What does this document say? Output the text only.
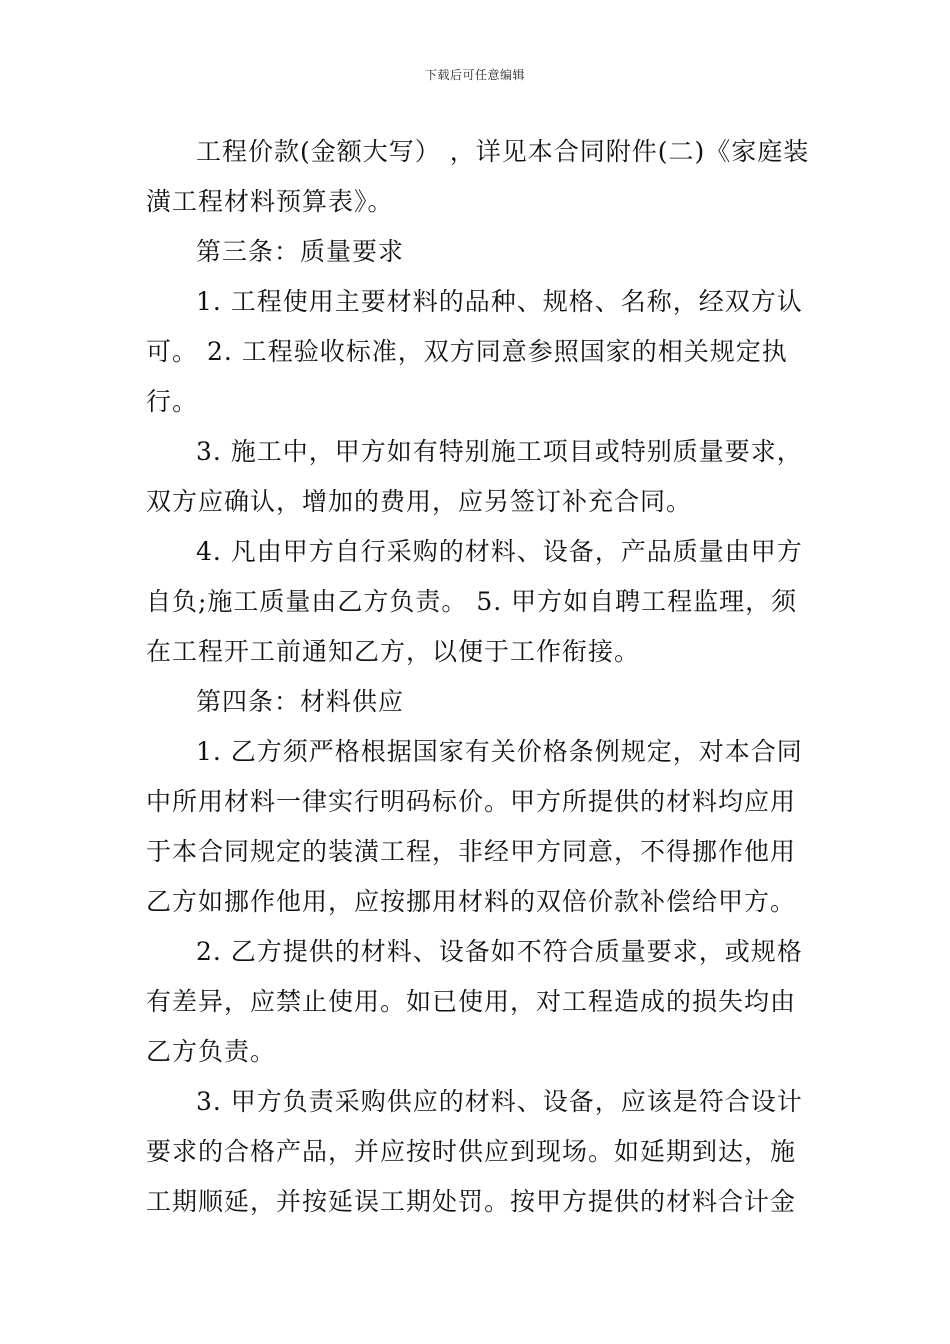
下载后可任意编辑
工程价款(金额大写） ，详见本合同附件(二)《家庭装
潢工程材料预算表》。
第三条：质量要求
1. 工程使用主要材料的品种、规格、名称，经双方认
可。 2. 工程验收标准，双方同意参照国家的相关规定执
行。
3. 施工中，甲方如有特别施工项目或特别质量要求，
双方应确认，增加的费用，应另签订补充合同。
4. 凡由甲方自行采购的材料、设备，产品质量由甲方
自负;施工质量由乙方负责。 5. 甲方如自聘工程监理，须
在工程开工前通知乙方，以便于工作衔接。
第四条：材料供应
1. 乙方须严格根据国家有关价格条例规定，对本合同
中所用材料一律实行明码标价。甲方所提供的材料均应用
于本合同规定的装潢工程，非经甲方同意，不得挪作他用
乙方如挪作他用，应按挪用材料的双倍价款补偿给甲方。
2. 乙方提供的材料、设备如不符合质量要求，或规格
有差异，应禁止使用。如已使用，对工程造成的损失均由
乙方负责。
3. 甲方负责采购供应的材料、设备，应该是符合设计
要求的合格产品，并应按时供应到现场。如延期到达，施
工期顺延，并按延误工期处罚。按甲方提供的材料合计金
